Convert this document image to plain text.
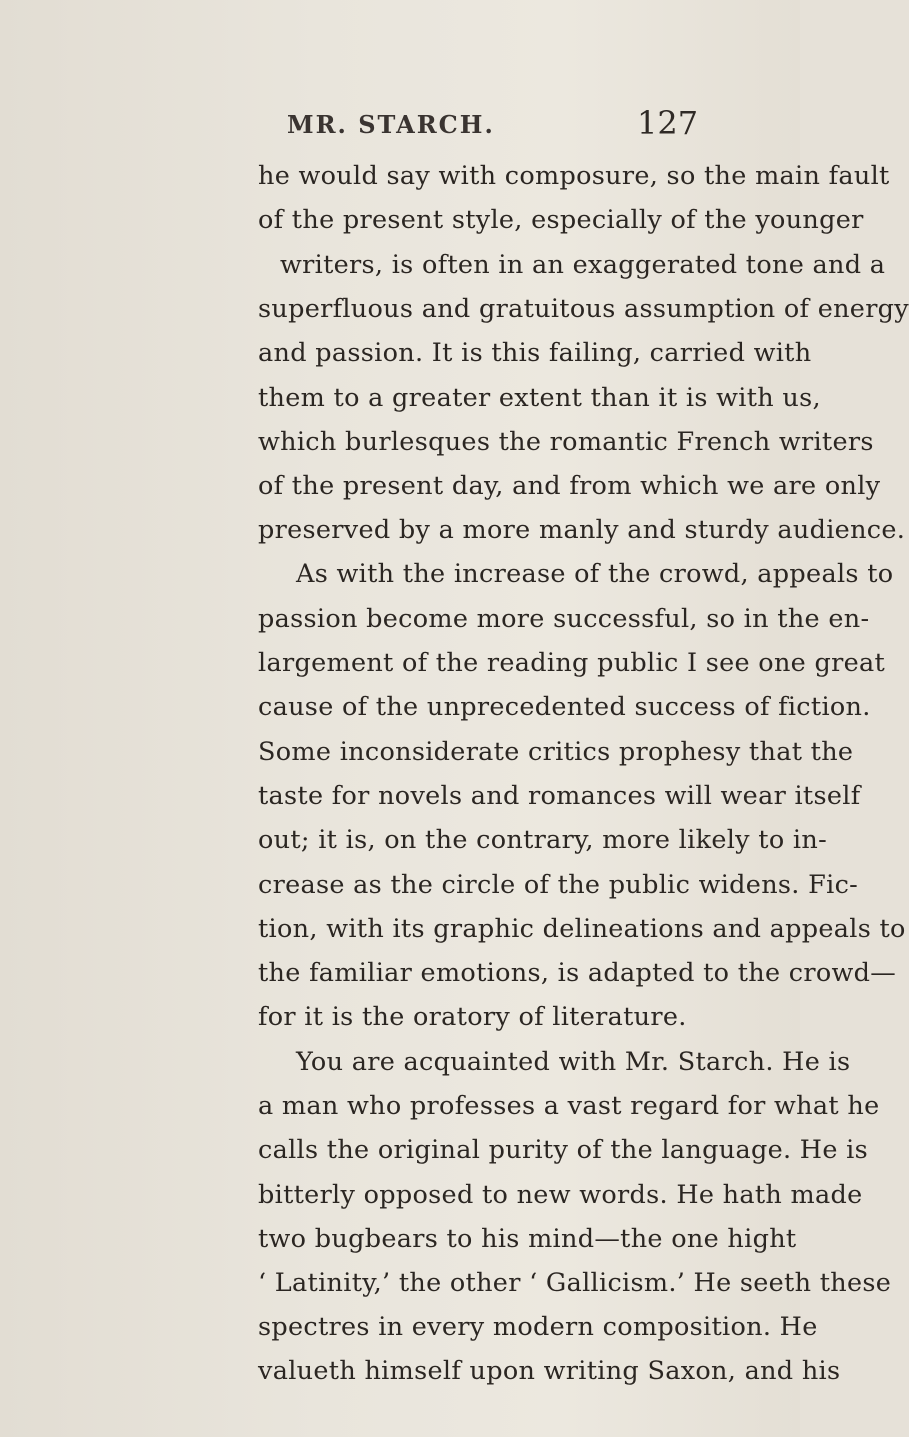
MR. STARCH.	127
he would say with composure, so the main fault
of the present style, especially of the younger
writers, is often in an exaggerated tone and a
superfluous and gratuitous assumption of energy
and passion. It is this failing, carried with
them to a greater extent than it is with us,
which burlesques the romantic French writers
of the present day, and from which we are only
preserved by a more manly and sturdy audience.
As with the increase of the crowd, appeals to
passion become more successful, so in the en-
largement of the reading public I see one great
cause of the unprecedented success of fiction.
Some inconsiderate critics prophesy that the
taste for novels and romances will wear itself
out; it is, on the contrary, more likely to in-
crease as the circle of the public widens. Fic-
tion, with its graphic delineations and appeals to
the familiar emotions, is adapted to the crowd—
for it is the oratory of literature.
You are acquainted with Mr. Starch. He is
a man who professes a vast regard for what he
calls the original purity of the language. He is
bitterly opposed to new words. He hath made
two bugbears to his mind—the one hight
‘ Latinity,’ the other ‘ Gallicism.’ He seeth these
spectres in every modern composition. He
valueth himself upon writing Saxon, and his
